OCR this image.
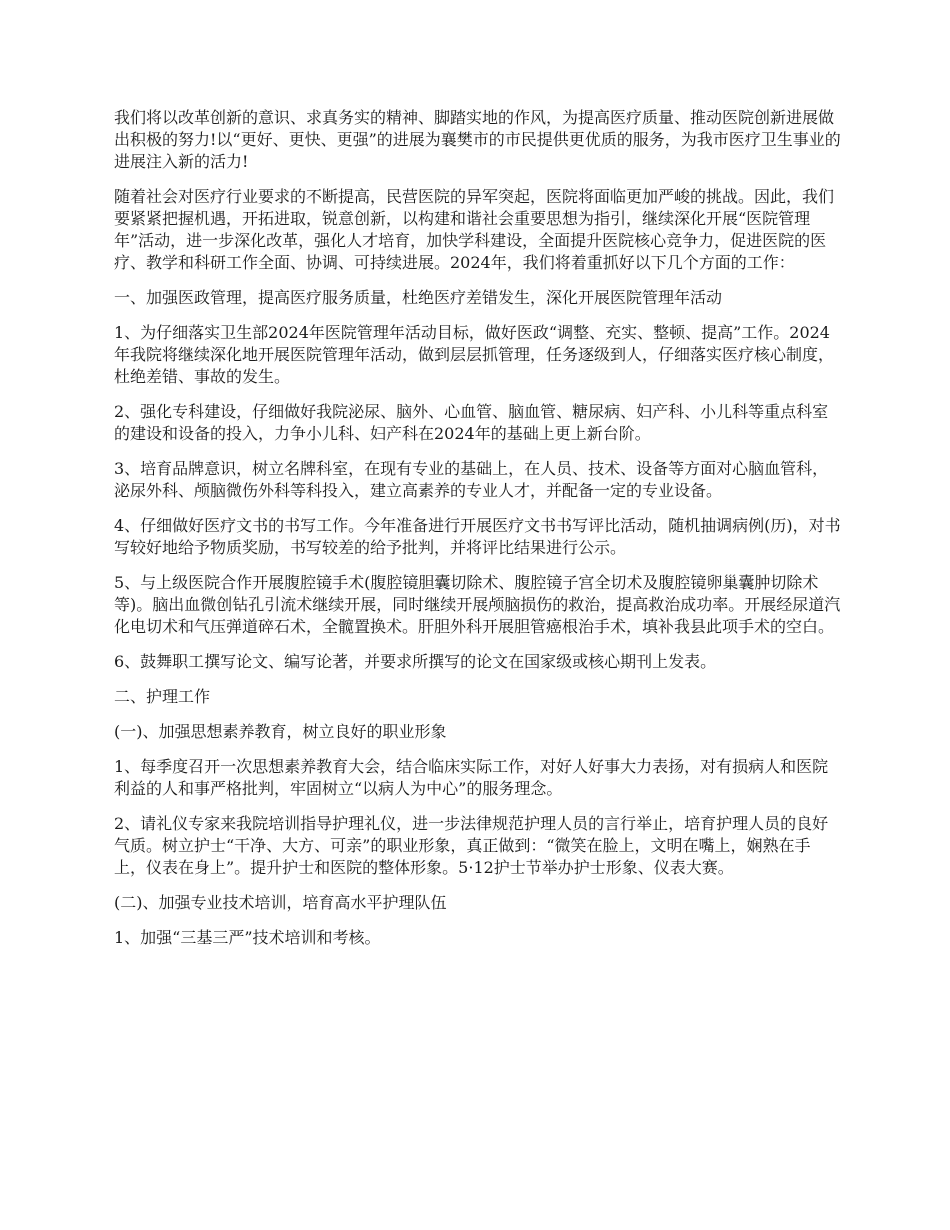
我们将以改革创新的意识、求真务实的精神、脚踏实地的作风，为提高医疗质量、推动医院创新进展做出积极的努力!以“更好、更快、更强”的进展为襄樊市的市民提供更优质的服务，为我市医疗卫生事业的进展注入新的活力!

随着社会对医疗行业要求的不断提高，民营医院的异军突起，医院将面临更加严峻的挑战。因此，我们要紧紧把握机遇，开拓进取，锐意创新，以构建和谐社会重要思想为指引，继续深化开展“医院管理年”活动，进一步深化改革，强化人才培育，加快学科建设，全面提升医院核心竞争力，促进医院的医疗、教学和科研工作全面、协调、可持续进展。2024年，我们将着重抓好以下几个方面的工作：

一、加强医政管理，提高医疗服务质量，杜绝医疗差错发生，深化开展医院管理年活动

1、为仔细落实卫生部2024年医院管理年活动目标，做好医政“调整、充实、整顿、提高”工作。2024年我院将继续深化地开展医院管理年活动，做到层层抓管理，任务逐级到人，仔细落实医疗核心制度，杜绝差错、事故的发生。

2、强化专科建设，仔细做好我院泌尿、脑外、心血管、脑血管、糖尿病、妇产科、小儿科等重点科室的建设和设备的投入，力争小儿科、妇产科在2024年的基础上更上新台阶。

3、培育品牌意识，树立名牌科室，在现有专业的基础上，在人员、技术、设备等方面对心脑血管科，泌尿外科、颅脑微伤外科等科投入，建立高素养的专业人才，并配备一定的专业设备。

4、仔细做好医疗文书的书写工作。今年准备进行开展医疗文书书写评比活动，随机抽调病例(历)，对书写较好地给予物质奖励，书写较差的给予批判，并将评比结果进行公示。

5、与上级医院合作开展腹腔镜手术(腹腔镜胆囊切除术、腹腔镜子宫全切术及腹腔镜卵巢囊肿切除术等)。脑出血微创钻孔引流术继续开展，同时继续开展颅脑损伤的救治，提高救治成功率。开展经尿道汽化电切术和气压弹道碎石术，全髋置换术。肝胆外科开展胆管癌根治手术，填补我县此项手术的空白。

6、鼓舞职工撰写论文、编写论著，并要求所撰写的论文在国家级或核心期刊上发表。

二、护理工作

(一)、加强思想素养教育，树立良好的职业形象

1、每季度召开一次思想素养教育大会，结合临床实际工作，对好人好事大力表扬，对有损病人和医院利益的人和事严格批判，牢固树立“以病人为中心”的服务理念。

2、请礼仪专家来我院培训指导护理礼仪，进一步法律规范护理人员的言行举止，培育护理人员的良好气质。树立护士“干净、大方、可亲”的职业形象，真正做到：“微笑在脸上，文明在嘴上，娴熟在手上，仪表在身上”。提升护士和医院的整体形象。5·12护士节举办护士形象、仪表大赛。

(二)、加强专业技术培训，培育高水平护理队伍

1、加强“三基三严”技术培训和考核。
